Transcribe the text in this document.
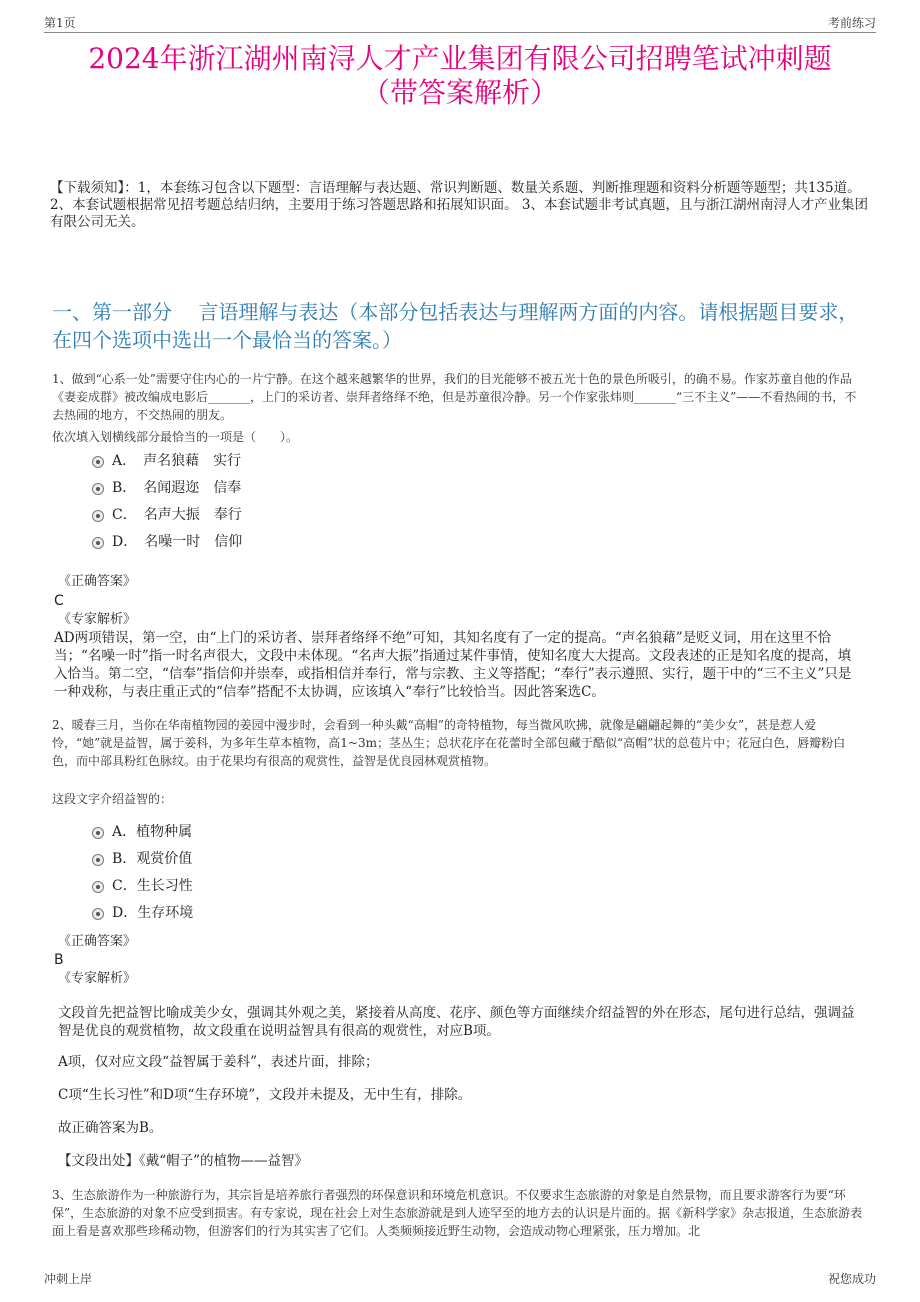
第1页	考前练习
2024年浙江湖州南浔人才产业集团有限公司招聘笔试冲刺题
（带答案解析）
【下载须知】：1，本套练习包含以下题型：言语理解与表达题、常识判断题、数量关系题、判断推理题和资料分析题等题型；共135道。 2、本套试题根据常见招考题总结归纳，主要用于练习答题思路和拓展知识面。 3、本套试题非考试真题，且与浙江湖州南浔人才产业集团有限公司无关。
一、第一部分　 言语理解与表达（本部分包括表达与理解两方面的内容。请根据题目要求，在四个选项中选出一个最恰当的答案。）
1、做到“心系一处”需要守住内心的一片宁静。在这个越来越繁华的世界，我们的目光能够不被五光十色的景色所吸引，的确不易。作家苏童自他的作品《妻妾成群》被改编成电影后_______，上门的采访者、崇拜者络绎不绝，但是苏童很冷静。另一个作家张炜则_______“三不主义”——不看热闹的书，不去热闹的地方，不交热闹的朋友。
依次填入划横线部分最恰当的一项是（　　）。
A．　声名狼藉　实行
B．　名闻遐迩　信奉
C．　名声大振　奉行
D．　名噪一时　信仰
《正确答案》
C
《专家解析》
AD两项错误，第一空，由“上门的采访者、崇拜者络绎不绝”可知，其知名度有了一定的提高。“声名狼藉”是贬义词，用在这里不恰当；“名噪一时”指一时名声很大，文段中未体现。“名声大振”指通过某件事情，使知名度大大提高。文段表述的正是知名度的提高，填入恰当。第二空，“信奉”指信仰并崇奉，或指相信并奉行，常与宗教、主义等搭配；“奉行”表示遵照、实行，题干中的“三不主义”只是一种戏称，与表庄重正式的“信奉”搭配不太协调，应该填入“奉行”比较恰当。因此答案选C。
2、暖春三月，当你在华南植物园的姜园中漫步时，会看到一种头戴“高帽”的奇特植物，每当微风吹拂，就像是翩翩起舞的“美少女”，甚是惹人爱怜，“她”就是益智，属于姜科，为多年生草本植物，高1~3m；茎丛生；总状花序在花蕾时全部包藏于酷似“高帽”状的总苞片中；花冠白色，唇瓣粉白色，而中部具粉红色脉纹。由于花果均有很高的观赏性，益智是优良园林观赏植物。
这段文字介绍益智的：
A．植物种属
B．观赏价值
C．生长习性
D．生存环境
《正确答案》
B
《专家解析》
文段首先把益智比喻成美少女，强调其外观之美，紧接着从高度、花序、颜色等方面继续介绍益智的外在形态，尾句进行总结，强调益智是优良的观赏植物，故文段重在说明益智具有很高的观赏性，对应B项。
A项，仅对应文段“益智属于姜科”，表述片面，排除；
C项“生长习性”和D项“生存环境”，文段并未提及，无中生有，排除。
故正确答案为B。
【文段出处】《戴“帽子”的植物——益智》
3、生态旅游作为一种旅游行为，其宗旨是培养旅行者强烈的环保意识和环境危机意识。不仅要求生态旅游的对象是自然景物，而且要求游客行为要“环保”，生态旅游的对象不应受到损害。有专家说，现在社会上对生态旅游就是到人迹罕至的地方去的认识是片面的。据《新科学家》杂志报道，生态旅游表面上看是喜欢那些珍稀动物，但游客们的行为其实害了它们。人类频频接近野生动物，会造成动物心理紧张，压力增加。北
冲刺上岸	祝您成功
